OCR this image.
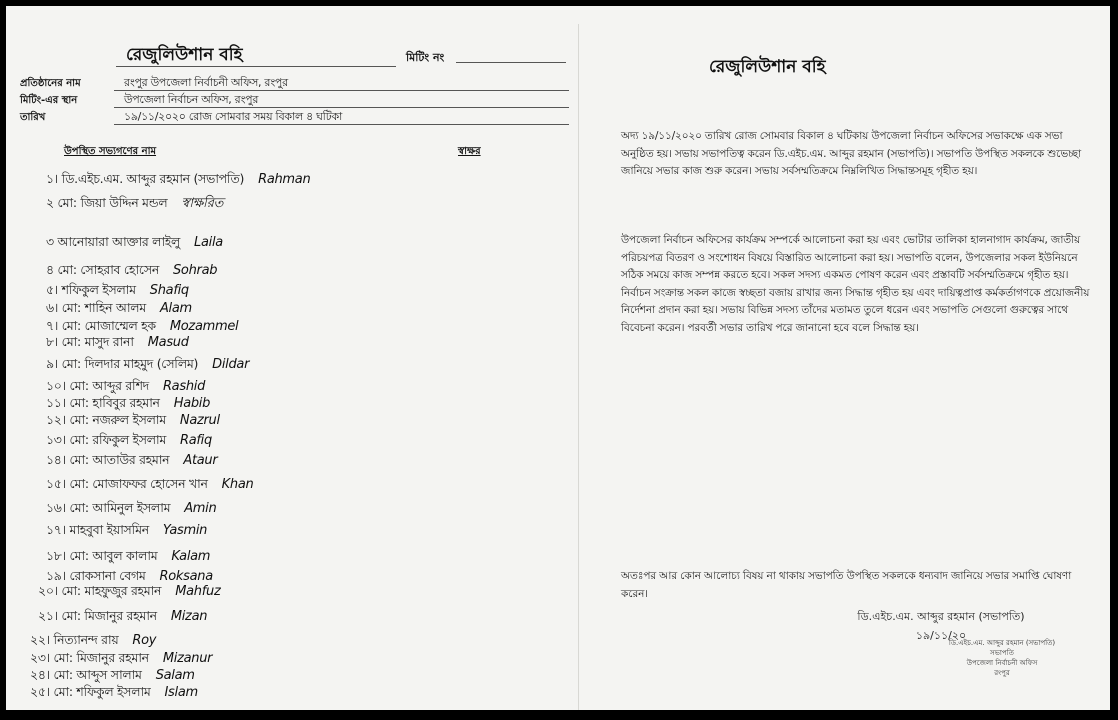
রেজুলিউশান বহি	মিটিং নং
প্রতিষ্ঠানের নাম	রংপুর উপজেলা নির্বাচনী অফিস, রংপুর
মিটিং-এর স্থান	উপজেলা নির্বাচন অফিস, রংপুর
তারিখ	১৯/১১/২০২০ রোজ সোমবার সময় বিকাল ৪ ঘটিকা
উপস্থিত সভ্যগণের নাম	স্বাক্ষর
১। ডি.এইচ.এম. আব্দুর রহমান (সভাপতি) Rahman
২ মো: জিয়া উদ্দিন মন্ডল স্বাক্ষরিত
৩ আনোয়ারা আক্তার লাইলু Laila
৪ মো: সোহরাব হোসেন Sohrab
৫। শফিকুল ইসলাম Shafiq
৬। মো: শাহিন আলম Alam
৭। মো: মোজাম্মেল হক Mozammel
৮। মো: মাসুদ রানা Masud
৯। মো: দিলদার মাহমুদ (সেলিম) Dildar
১০। মো: আব্দুর রশিদ Rashid
১১। মো: হাবিবুর রহমান Habib
১২। মো: নজরুল ইসলাম Nazrul
১৩। মো: রফিকুল ইসলাম Rafiq
১৪। মো: আতাউর রহমান Ataur
১৫। মো: মোজাফফর হোসেন খান Khan
১৬। মো: আমিনুল ইসলাম Amin
১৭। মাহবুবা ইয়াসমিন Yasmin
১৮। মো: আবুল কালাম Kalam
১৯। রোকসানা বেগম Roksana
২০। মো: মাহফুজুর রহমান Mahfuz
২১। মো: মিজানুর রহমান Mizan
২২। নিত্যানন্দ রায় Roy
২৩। মো: মিজানুর রহমান Mizanur
২৪। মো: আব্দুস সালাম Salam
২৫। মো: শফিকুল ইসলাম Islam
রেজুলিউশান বহি
অদ্য ১৯/১১/২০২০ তারিখ রোজ সোমবার বিকাল ৪ ঘটিকায় উপজেলা নির্বাচন অফিসের সভাকক্ষে এক সভা অনুষ্ঠিত হয়। সভায় সভাপতিত্ব করেন ডি.এইচ.এম. আব্দুর রহমান (সভাপতি)। সভাপতি উপস্থিত সকলকে শুভেচ্ছা জানিয়ে সভার কাজ শুরু করেন। সভায় সর্বসম্মতিক্রমে নিম্নলিখিত সিদ্ধান্তসমূহ গৃহীত হয়।
উপজেলা নির্বাচন অফিসের কার্যক্রম সম্পর্কে আলোচনা করা হয় এবং ভোটার তালিকা হালনাগাদ কার্যক্রম, জাতীয় পরিচয়পত্র বিতরণ ও সংশোধন বিষয়ে বিস্তারিত আলোচনা করা হয়। সভাপতি বলেন, উপজেলার সকল ইউনিয়নে সঠিক সময়ে কাজ সম্পন্ন করতে হবে। সকল সদস্য একমত পোষণ করেন এবং প্রস্তাবটি সর্বসম্মতিক্রমে গৃহীত হয়। নির্বাচন সংক্রান্ত সকল কাজে স্বচ্ছতা বজায় রাখার জন্য সিদ্ধান্ত গৃহীত হয় এবং দায়িত্বপ্রাপ্ত কর্মকর্তাগণকে প্রয়োজনীয় নির্দেশনা প্রদান করা হয়। সভায় বিভিন্ন সদস্য তাঁদের মতামত তুলে ধরেন এবং সভাপতি সেগুলো গুরুত্বের সাথে বিবেচনা করেন। পরবর্তী সভার তারিখ পরে জানানো হবে বলে সিদ্ধান্ত হয়।
অতঃপর আর কোন আলোচ্য বিষয় না থাকায় সভাপতি উপস্থিত সকলকে ধন্যবাদ জানিয়ে সভার সমাপ্তি ঘোষণা করেন।
ডি.এইচ.এম. আব্দুর রহমান (সভাপতি)
১৯/১১/২০
ডি.এইচ.এম. আব্দুর রহমান (সভাপতি)
সভাপতি
উপজেলা নির্বাচনী অফিস
রংপুর
